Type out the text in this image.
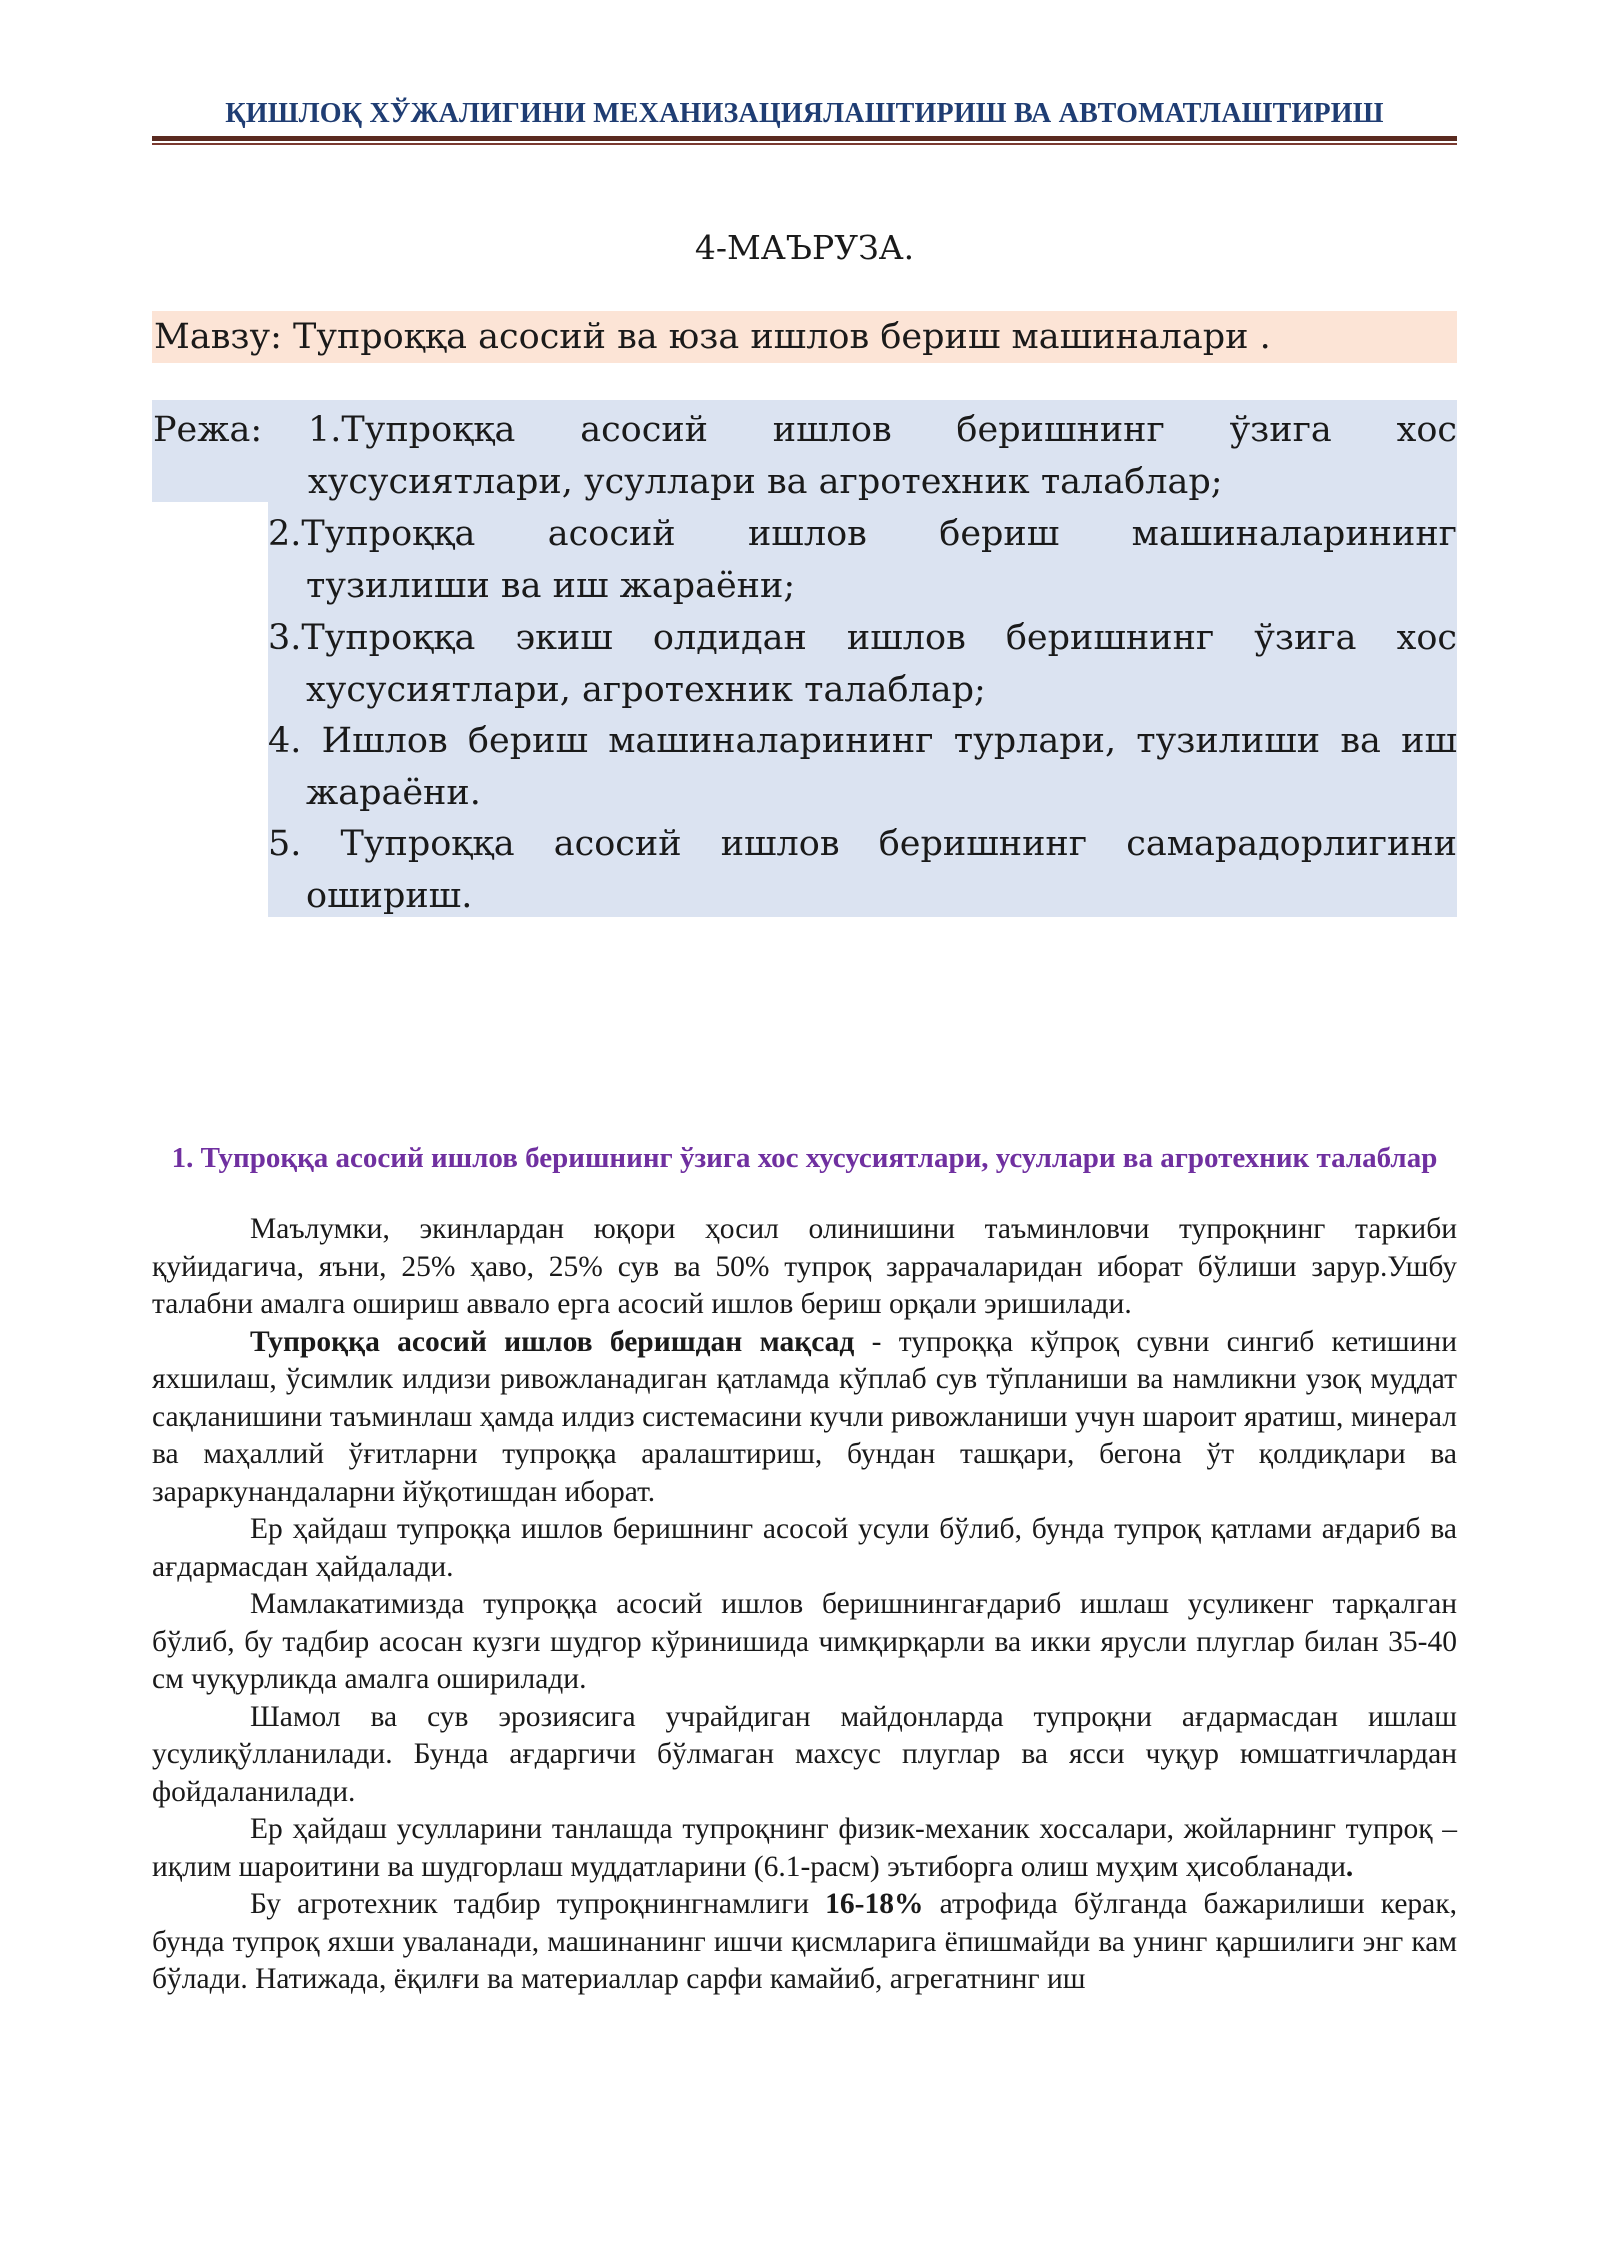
ҚИШЛОҚ ХЎЖАЛИГИНИ МЕХАНИЗАЦИЯЛАШТИРИШ ВА АВТОМАТЛАШТИРИШ
4-МАЪРУЗА.
Мавзу: Тупроққа асосий ва юза ишлов бериш машиналари .
Режа: 1.Тупроққа асосий ишлов беришнинг ўзига хос
хусусиятлари, усуллари ва агротехник талаблар;
2.Тупроққа асосий ишлов бериш машиналарининг
тузилиши ва иш жараёни;
3.Тупроққа экиш олдидан ишлов беришнинг ўзига хос
хусусиятлари, агротехник талаблар;
4. Ишлов бериш машиналарининг турлари, тузилиши ва иш
жараёни.
5. Тупроққа асосий ишлов беришнинг самарадорлигини
ошириш.
1. Тупроққа асосий ишлов беришнинг ўзига хос хусусиятлари, усуллари ва агротехник талаблар

Маълумки, экинлардан юқори ҳосил олинишини таъминловчи тупроқнинг таркиби қуйидагича, яъни, 25% ҳаво, 25% сув ва 50% тупроқ заррачаларидан иборат бўлиши зарур.Ушбу талабни амалга ошириш аввало ерга асосий ишлов бериш орқали эришилади.

Тупроққа асосий ишлов беришдан мақсад - тупроққа кўпроқ сувни сингиб кетишини яхшилаш, ўсимлик илдизи ривожланадиган қатламда кўплаб сув тўпланиши ва намликни узоқ муддат сақланишини таъминлаш ҳамда илдиз системасини кучли ривожланиши учун шароит яратиш, минерал ва маҳаллий ўғитларни тупроққа аралаштириш, бундан ташқари, бегона ўт қолдиқлари ва зараркунандаларни йўқотишдан иборат.

Ер ҳайдаш тупроққа ишлов беришнинг асосой усули бўлиб, бунда тупроқ қатлами ағдариб ва ағдармасдан ҳайдалади.

Мамлакатимизда тупроққа асосий ишлов беришнингағдариб ишлаш усуликенг тарқалган бўлиб, бу тадбир асосан кузги шудгор кўринишида чимқирқарли ва икки ярусли плуглар билан 35-40 см чуқурликда амалга оширилади.

Шамол ва сув эрозиясига учрайдиган майдонларда тупроқни ағдармасдан ишлаш усулиқўлланилади. Бунда ағдаргичи бўлмаган махсус плуглар ва ясси чуқур юмшатгичлардан фойдаланилади.

Ер ҳайдаш усулларини танлашда тупроқнинг физик-механик хоссалари, жойларнинг тупроқ – иқлим шароитини ва шудгорлаш муддатларини (6.1-расм) эътиборга олиш муҳим ҳисобланади.

Бу агротехник тадбир тупроқнингнамлиги 16-18% атрофида бўлганда бажарилиши керак, бунда тупроқ яхши уваланади, машинанинг ишчи қисмларига ёпишмайди ва унинг қаршилиги энг кам бўлади. Натижада, ёқилғи ва материаллар сарфи камайиб, агрегатнинг иш
